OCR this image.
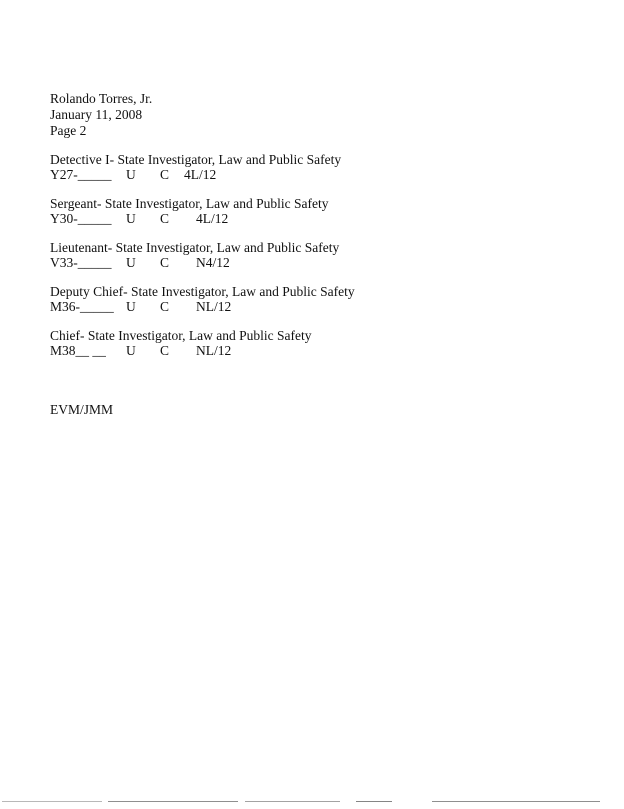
Rolando Torres, Jr.
January 11, 2008
Page 2
Detective I- State Investigator, Law and Public Safety
Y27-_____ U C 4L/12
Sergeant- State Investigator, Law and Public Safety
Y30-_____ U C 4L/12
Lieutenant- State Investigator, Law and Public Safety
V33-_____ U C N4/12
Deputy Chief- State Investigator, Law and Public Safety
M36-_____ U C NL/12
Chief- State Investigator, Law and Public Safety
M38__ __ U C NL/12
EVM/JMM
